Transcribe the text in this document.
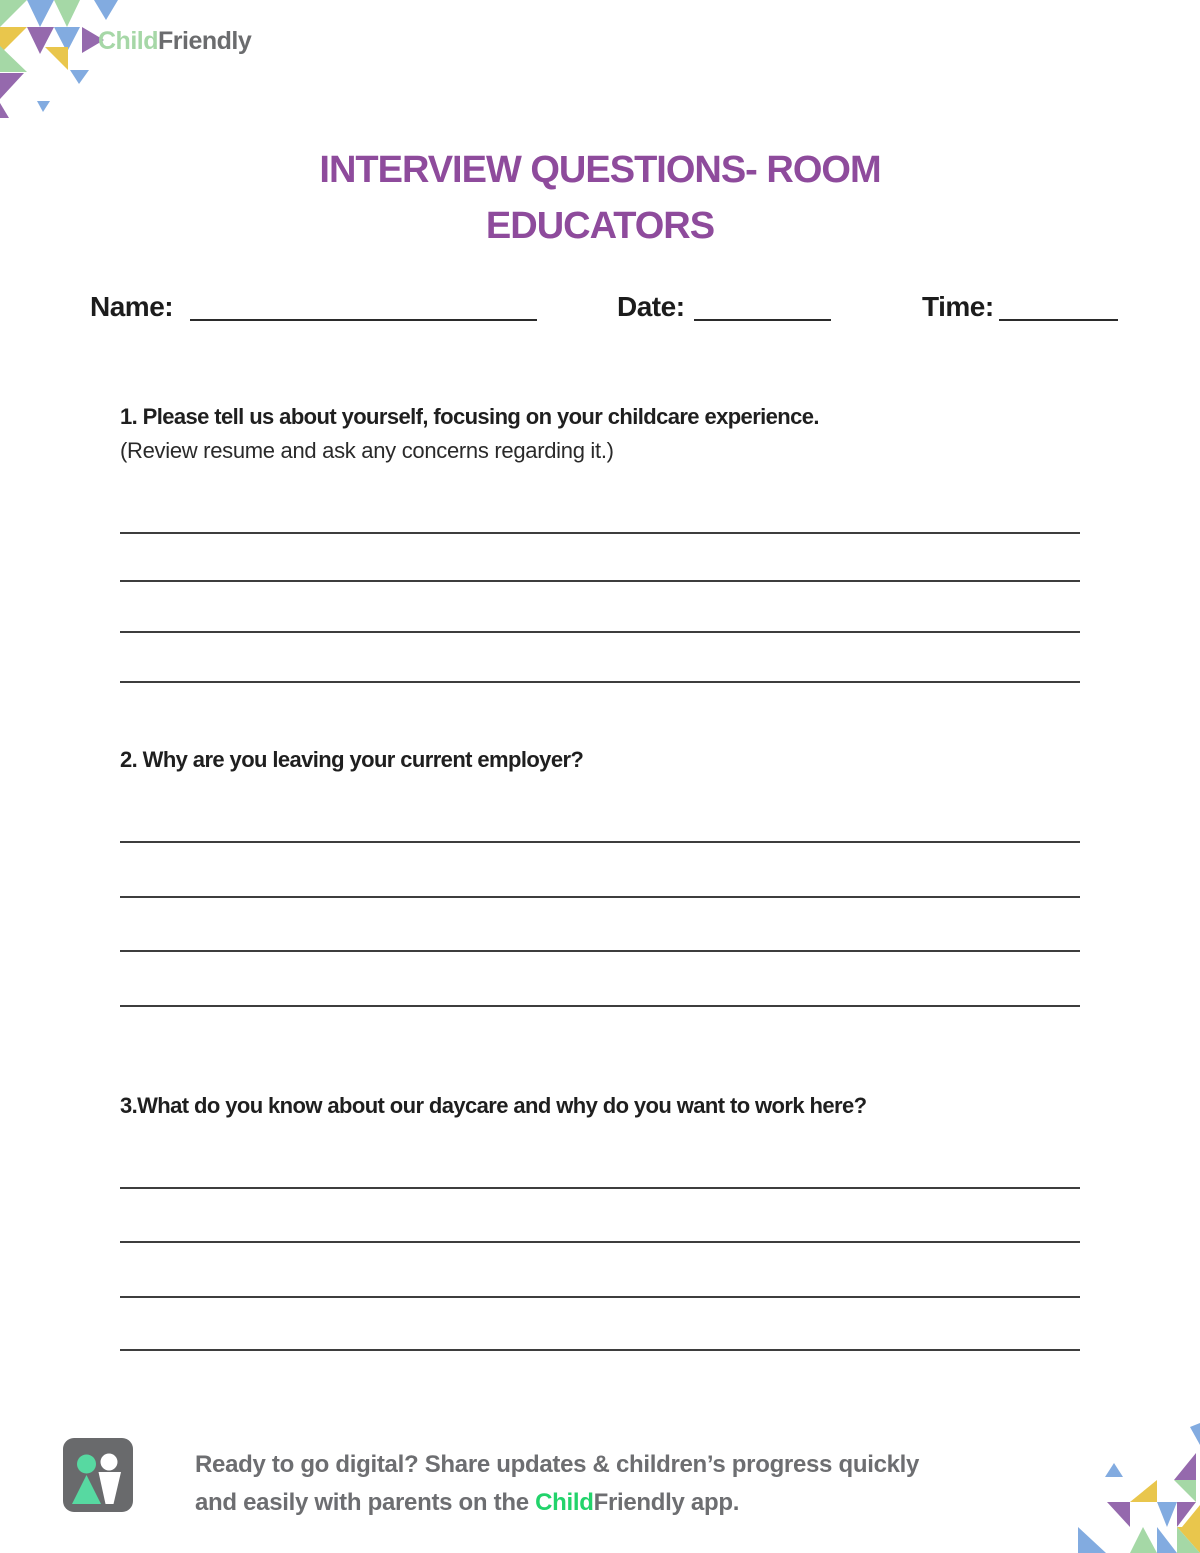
ChildFriendly
INTERVIEW QUESTIONS- ROOM
EDUCATORS
Name:	Date:	Time:
1. Please tell us about yourself, focusing on your childcare experience.
(Review resume and ask any concerns regarding it.)
2. Why are you leaving your current employer?
3.What do you know about our daycare and why do you want to work here?
Ready to go digital? Share updates & children’s progress quickly
and easily with parents on the ChildFriendly app.
